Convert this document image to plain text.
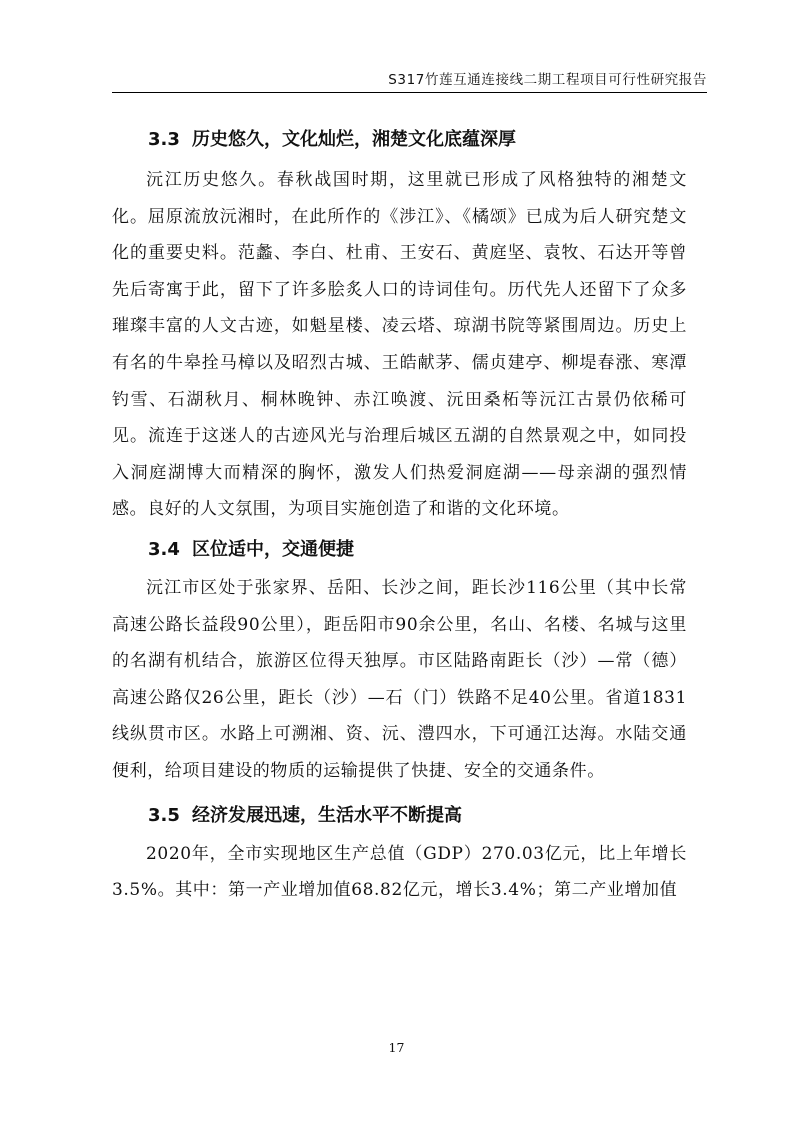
S317竹莲互通连接线二期工程项目可行性研究报告
3.3 历史悠久，文化灿烂，湘楚文化底蕴深厚

沅江历史悠久。春秋战国时期，这里就已形成了风格独特的湘楚文化。屈原流放沅湘时，在此所作的《涉江》、《橘颂》已成为后人研究楚文化的重要史料。范蠡、李白、杜甫、王安石、黄庭坚、袁牧、石达开等曾先后寄寓于此，留下了许多脍炙人口的诗词佳句。历代先人还留下了众多璀璨丰富的人文古迹，如魁星楼、凌云塔、琼湖书院等紧围周边。历史上有名的牛皋拴马樟以及昭烈古城、王皓献茅、儒贞建亭、柳堤春涨、寒潭钓雪、石湖秋月、桐林晚钟、赤江唤渡、沅田桑柘等沅江古景仍依稀可见。流连于这迷人的古迹风光与治理后城区五湖的自然景观之中，如同投入洞庭湖博大而精深的胸怀，激发人们热爱洞庭湖——母亲湖的强烈情感。良好的人文氛围，为项目实施创造了和谐的文化环境。

3.4 区位适中，交通便捷

沅江市区处于张家界、岳阳、长沙之间，距长沙116公里（其中长常高速公路长益段90公里），距岳阳市90余公里，名山、名楼、名城与这里的名湖有机结合，旅游区位得天独厚。市区陆路南距长（沙）—常（德）高速公路仅26公里，距长（沙）—石（门）铁路不足40公里。省道1831线纵贯市区。水路上可溯湘、资、沅、澧四水，下可通江达海。水陆交通便利，给项目建设的物质的运输提供了快捷、安全的交通条件。

3.5 经济发展迅速，生活水平不断提高

2020年，全市实现地区生产总值（GDP）270.03亿元，比上年增长3.5%。其中：第一产业增加值68.82亿元，增长3.4%；第二产业增加值

17
